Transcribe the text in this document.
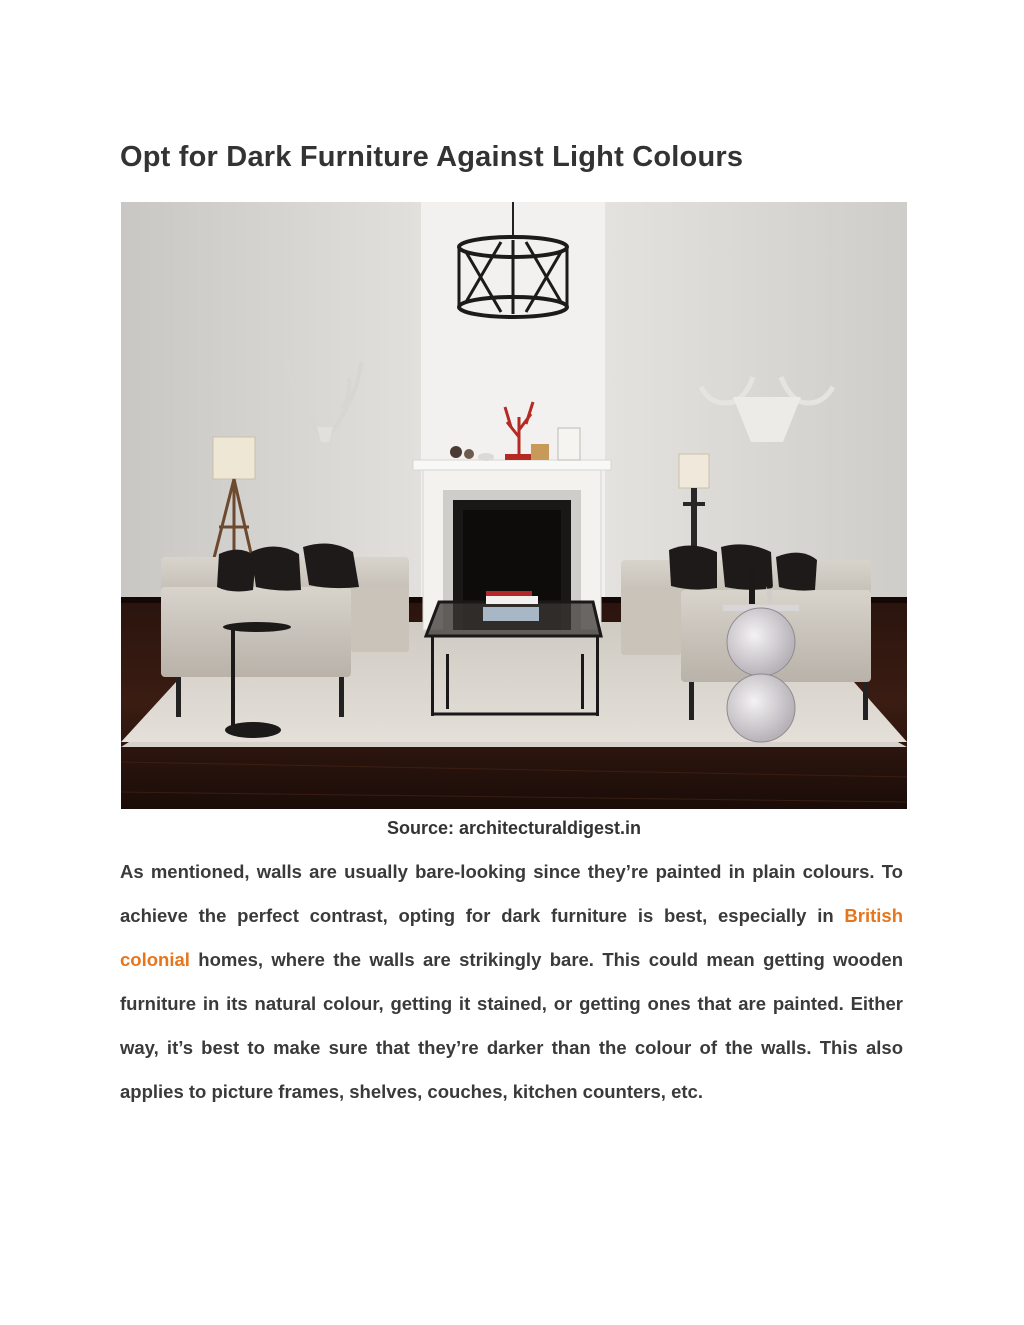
Opt for Dark Furniture Against Light Colours
Source: architecturaldigest.in

As mentioned, walls are usually bare-looking since they’re painted in plain colours. To achieve the perfect contrast, opting for dark furniture is best, especially in British colonial homes, where the walls are strikingly bare. This could mean getting wooden furniture in its natural colour, getting it stained, or getting ones that are painted. Either way, it’s best to make sure that they’re darker than the colour of the walls. This also applies to picture frames, shelves, couches, kitchen counters, etc.
